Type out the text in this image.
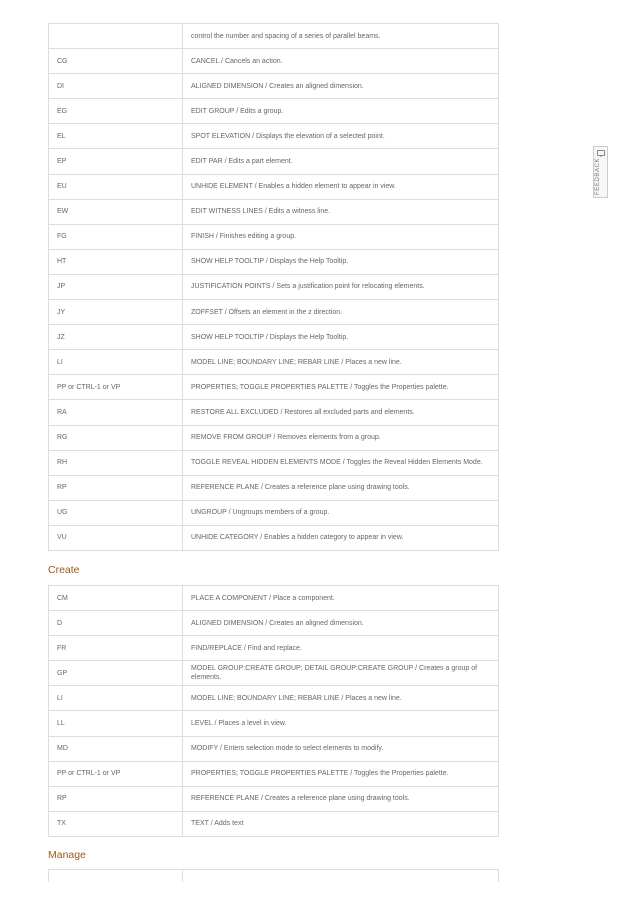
	control the number and spacing of a series of parallel beams.
CG	CANCEL / Cancels an action.
DI	ALIGNED DIMENSION / Creates an aligned dimension.
EG	EDIT GROUP / Edits a group.
EL	SPOT ELEVATION / Displays the elevation of a selected point.
EP	EDIT PAR / Edits a part element.
EU	UNHIDE ELEMENT / Enables a hidden element to appear in view.
EW	EDIT WITNESS LINES / Edits a witness line.
FG	FINISH / Finishes editing a group.
HT	SHOW HELP TOOLTIP / Displays the Help Tooltip.
JP	JUSTIFICATION POINTS / Sets a justification point for relocating elements.
JY	ZOFFSET / Offsets an element in the z direction.
JZ	SHOW HELP TOOLTIP / Displays the Help Tooltip.
LI	MODEL LINE; BOUNDARY LINE; REBAR LINE / Places a new line.
PP or CTRL-1 or VP	PROPERTIES; TOGGLE PROPERTIES PALETTE / Toggles the Properties palette.
RA	RESTORE ALL EXCLUDED / Restores all excluded parts and elements.
RG	REMOVE FROM GROUP / Removes elements from a group.
RH	TOGGLE REVEAL HIDDEN ELEMENTS MODE / Toggles the Reveal Hidden Elements Mode.
RP	REFERENCE PLANE / Creates a reference plane using drawing tools.
UG	UNGROUP / Ungroups members of a group.
VU	UNHIDE CATEGORY / Enables a hidden category to appear in view.
Create
CM	PLACE A COMPONENT / Place a component.
D	ALIGNED DIMENSION / Creates an aligned dimension.
FR	FIND/REPLACE / Find and replace.
GP	MODEL GROUP:CREATE GROUP; DETAIL GROUP:CREATE GROUP / Creates a group of elements.
LI	MODEL LINE; BOUNDARY LINE; REBAR LINE / Places a new line.
LL	LEVEL / Places a level in view.
MD	MODIFY / Enters selection mode to select elements to modify.
PP or CTRL-1 or VP	PROPERTIES; TOGGLE PROPERTIES PALETTE / Toggles the Properties palette.
RP	REFERENCE PLANE / Creates a reference plane using drawing tools.
TX	TEXT / Adds text
Manage

FEEDBACK
